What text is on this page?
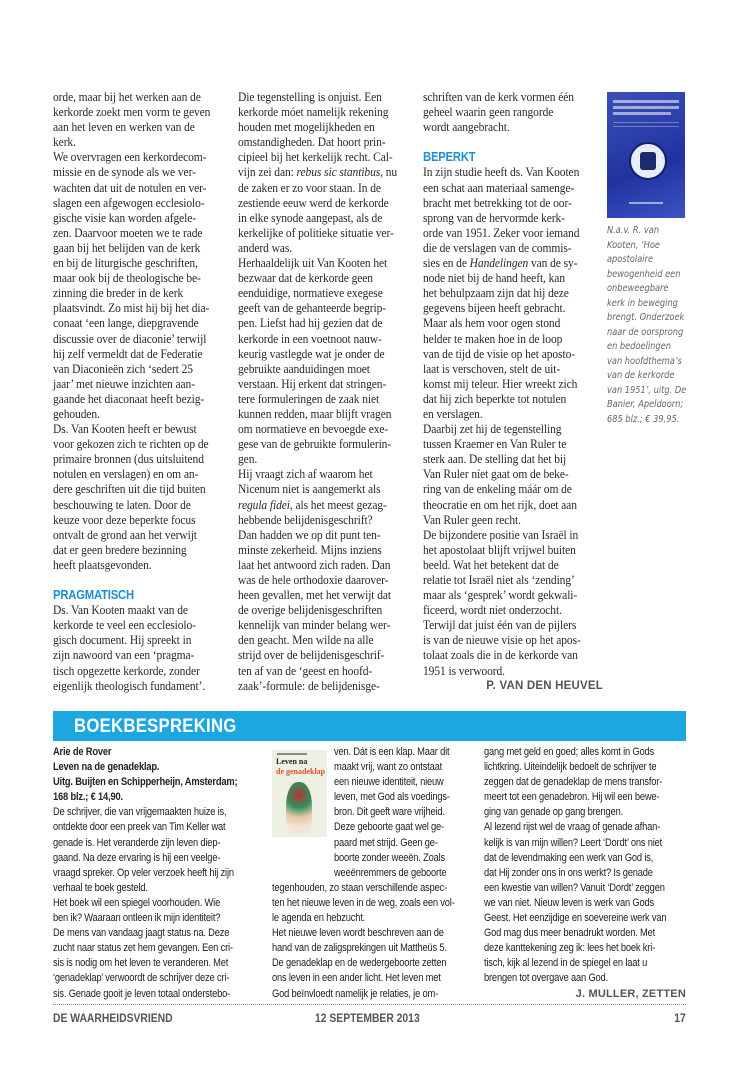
orde, maar bij het werken aan de
kerkorde zoekt men vorm te geven
aan het leven en werken van de
kerk.
We overvragen een kerkordecom-
missie en de synode als we ver-
wachten dat uit de notulen en ver-
slagen een afgewogen ecclesiolo-
gische visie kan worden afgele-
zen. Daarvoor moeten we te rade
gaan bij het belijden van de kerk
en bij de liturgische geschriften,
maar ook bij de theologische be-
zinning die breder in de kerk
plaatsvindt. Zo mist hij bij het dia-
conaat ‘een lange, diepgravende
discussie over de diaconie’ terwijl
hij zelf vermeldt dat de Federatie
van Diaconieën zich ‘sedert 25
jaar’ met nieuwe inzichten aan-
gaande het diaconaat heeft bezig-
gehouden.
Ds. Van Kooten heeft er bewust
voor gekozen zich te richten op de
primaire bronnen (dus uitsluitend
notulen en verslagen) en om an-
dere geschriften uit die tijd buiten
beschouwing te laten. Door de
keuze voor deze beperkte focus
ontvalt de grond aan het verwijt
dat er geen bredere bezinning
heeft plaatsgevonden.
PRAGMATISCH
Ds. Van Kooten maakt van de
kerkorde te veel een ecclesiolo-
gisch document. Hij spreekt in
zijn nawoord van een ‘pragma-
tisch opgezette kerkorde, zonder
eigenlijk theologisch fundament’.
Die tegenstelling is onjuist. Een
kerkorde móet namelijk rekening
houden met mogelijkheden en
omstandigheden. Dat hoort prin-
cipieel bij het kerkelijk recht. Cal-
vijn zei dan: rebus sic stantibus, nu
de zaken er zo voor staan. In de
zestiende eeuw werd de kerkorde
in elke synode aangepast, als de
kerkelijke of politieke situatie ver-
anderd was.
Herhaaldelijk uit Van Kooten het
bezwaar dat de kerkorde geen
eenduidige, normatieve exegese
geeft van de gehanteerde begrip-
pen. Liefst had hij gezien dat de
kerkorde in een voetnoot nauw-
keurig vastlegde wat je onder de
gebruikte aanduidingen moet
verstaan. Hij erkent dat stringen-
tere formuleringen de zaak niet
kunnen redden, maar blijft vragen
om normatieve en bevoegde exe-
gese van de gebruikte formulerin-
gen.
Hij vraagt zich af waarom het
Nicenum niet is aangemerkt als
regula fidei, als het meest gezag-
hebbende belijdenisgeschrift?
Dan hadden we op dit punt ten-
minste zekerheid. Mijns inziens
laat het antwoord zich raden. Dan
was de hele orthodoxie daarover-
heen gevallen, met het verwijt dat
de overige belijdenisgeschriften
kennelijk van minder belang wer-
den geacht. Men wilde na alle
strijd over de belijdenisgeschrif-
ten af van de ‘geest en hoofd-
zaak’-formule: de belijdenisge-
schriften van de kerk vormen één
geheel waarin geen rangorde
wordt aangebracht.
BEPERKT
In zijn studie heeft ds. Van Kooten
een schat aan materiaal samenge-
bracht met betrekking tot de oor-
sprong van de hervormde kerk-
orde van 1951. Zeker voor iemand
die de verslagen van de commis-
sies en de Handelingen van de sy-
node niet bij de hand heeft, kan
het behulpzaam zijn dat hij deze
gegevens bijeen heeft gebracht.
Maar als hem voor ogen stond
helder te maken hoe in de loop
van de tijd de visie op het aposto-
laat is verschoven, stelt de uit-
komst mij teleur. Hier wreekt zich
dat hij zich beperkte tot notulen
en verslagen.
Daarbij zet hij de tegenstelling
tussen Kraemer en Van Ruler te
sterk aan. De stelling dat het bij
Van Ruler níet gaat om de beke-
ring van de enkeling máár om de
theocratie en om het rijk, doet aan
Van Ruler geen recht.
De bijzondere positie van Israël in
het apostolaat blijft vrijwel buiten
beeld. Wat het betekent dat de
relatie tot Israël niet als ‘zending’
maar als ‘gesprek’ wordt gekwali-
ficeerd, wordt niet onderzocht.
Terwijl dat juist één van de pijlers
is van de nieuwe visie op het apos-
tolaat zoals die in de kerkorde van
1951 is verwoord.
P. VAN DEN HEUVEL
N.a.v. R. van
Kooten, ‘Hoe
apostolaire
bewogenheid een
onbeweegbare
kerk in beweging
brengt. Onderzoek
naar de oorsprong
en bedoelingen
van hoofdthema’s
van de kerkorde
van 1951’, uitg. De
Banier, Apeldoorn;
685 blz.; € 39,95.
BOEKBESPREKING
Arie de Rover
Leven na de genadeklap.
Uitg. Buijten en Schipperheijn, Amsterdam;
168 blz.; € 14,90.
De schrijver, die van vrijgemaakten huize is,
ontdekte door een preek van Tim Keller wat
genade is. Het veranderde zijn leven diep-
gaand. Na deze ervaring is hij een veelge-
vraagd spreker. Op veler verzoek heeft hij zijn
verhaal te boek gesteld.
Het boek wil een spiegel voorhouden. Wie
ben ik? Waaraan ontleen ik mijn identiteit?
De mens van vandaag jaagt status na. Deze
zucht naar status zet hem gevangen. Een cri-
sis is nodig om het leven te veranderen. Met
‘genadeklap’ verwoordt de schrijver deze cri-
sis. Genade gooit je leven totaal onderstebo-
ven. Dát is een klap. Maar dit
maakt vrij, want zo ontstaat
een nieuwe identiteit, nieuw
leven, met God als voedings-
bron. Dit geeft ware vrijheid.
Deze geboorte gaat wel ge-
paard met strijd. Geen ge-
boorte zonder weeën. Zoals
weeënremmers de geboorte
tegenhouden, zo staan verschillende aspec-
ten het nieuwe leven in de weg, zoals een vol-
le agenda en hebzucht.
Het nieuwe leven wordt beschreven aan de
hand van de zaligsprekingen uit Mattheüs 5.
De genadeklap en de wedergeboorte zetten
ons leven in een ander licht. Het leven met
God beïnvloedt namelijk je relaties, je om-
Leven na
de genadeklap
gang met geld en goed; alles komt in Gods
lichtkring. Uiteindelijk bedoelt de schrijver te
zeggen dat de genadeklap de mens transfor-
meert tot een genadebron. Hij wil een bewe-
ging van genade op gang brengen.
Al lezend rijst wel de vraag of genade afhan-
kelijk is van mijn willen? Leert ‘Dordt’ ons niet
dat de levendmaking een werk van God is,
dat Hij zonder ons in ons werkt? Is genade
een kwestie van willen? Vanuit ‘Dordt’ zeggen
we van niet. Nieuw leven is werk van Gods
Geest. Het eenzijdige en soevereine werk van
God mag dus meer benadrukt worden. Met
deze kanttekening zeg ik: lees het boek kri-
tisch, kijk al lezend in de spiegel en laat u
brengen tot overgave aan God.
J. MULLER, ZETTEN
DE WAARHEIDSVRIEND	12 SEPTEMBER 2013	17
